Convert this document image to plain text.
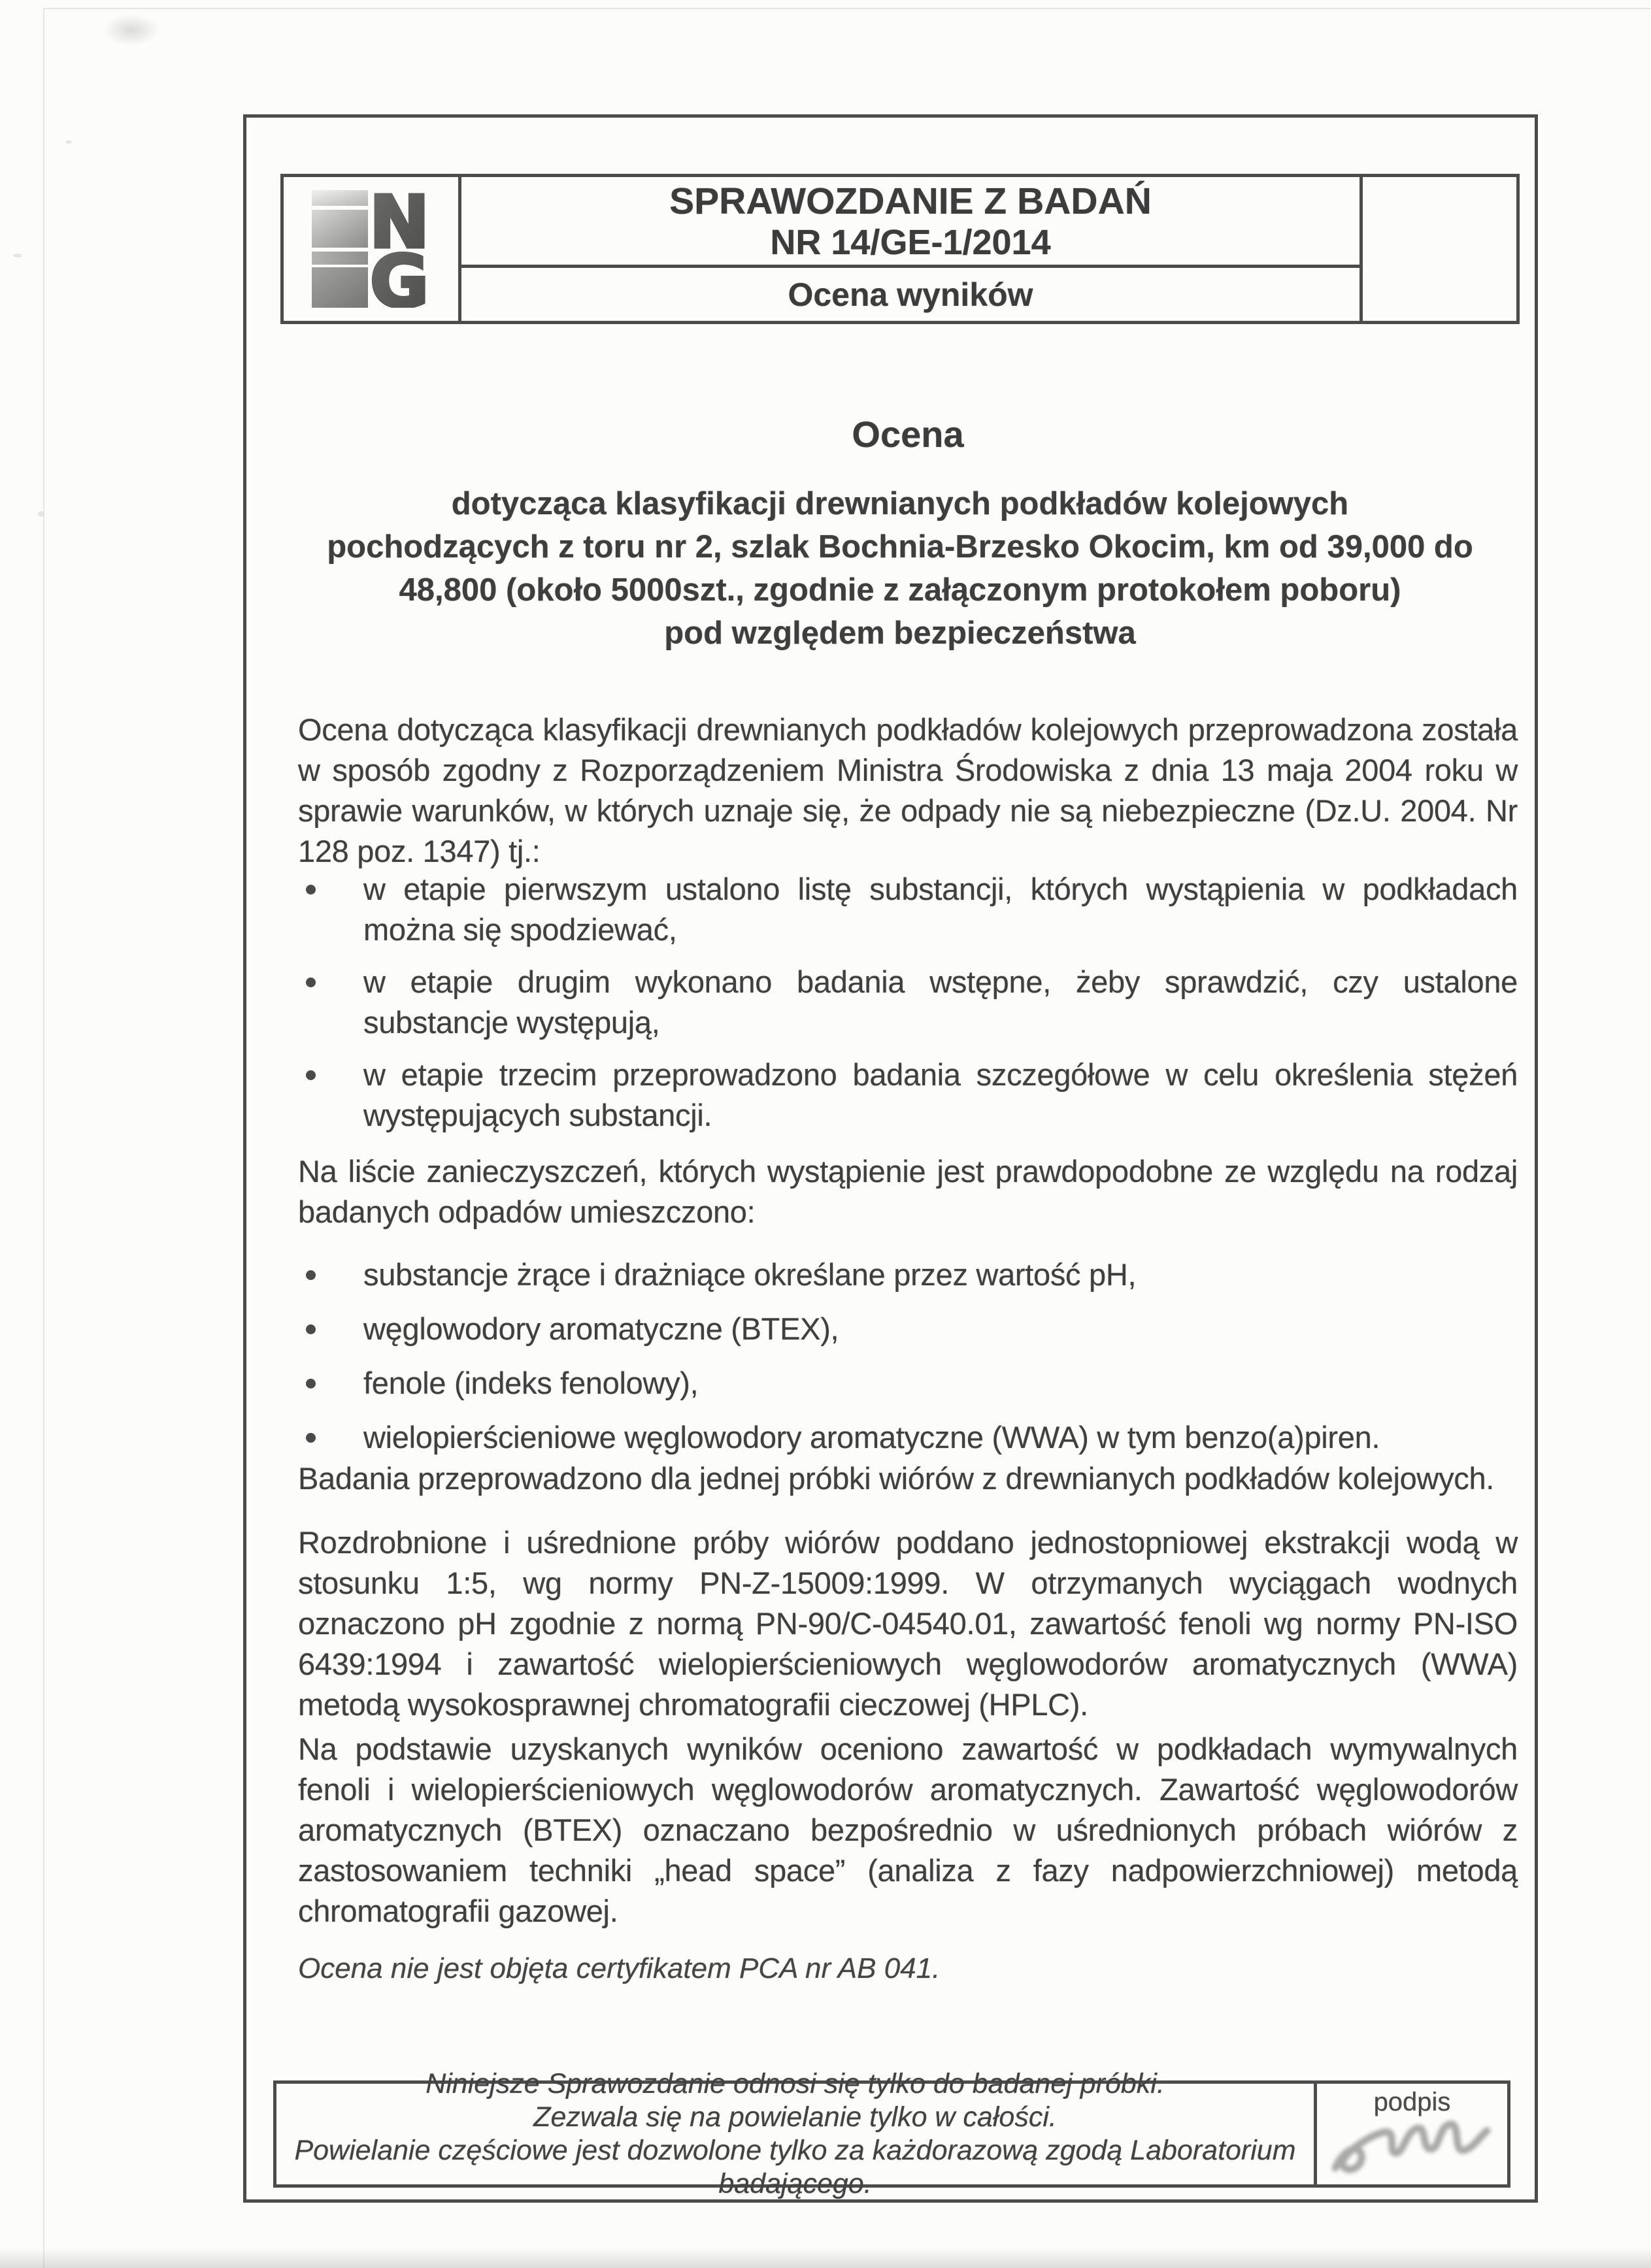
N
G
SPRAWOZDANIE Z BADAŃ
NR 14/GE-1/2014
Ocena wyników
Ocena
dotycząca klasyfikacji drewnianych podkładów kolejowych
pochodzących z toru nr 2, szlak Bochnia-Brzesko Okocim, km od 39,000 do
48,800 (około 5000szt., zgodnie z załączonym protokołem poboru)
pod względem bezpieczeństwa
Ocena dotycząca klasyfikacji drewnianych podkładów kolejowych przeprowadzona została w sposób zgodny z Rozporządzeniem Ministra Środowiska z dnia 13 maja 2004 roku w sprawie warunków, w których uznaje się, że odpady nie są niebezpieczne (Dz.U. 2004. Nr 128 poz. 1347) tj.:
w etapie pierwszym ustalono listę substancji, których wystąpienia w podkładach można się spodziewać,
w etapie drugim wykonano badania wstępne, żeby sprawdzić, czy ustalone substancje występują,
w etapie trzecim przeprowadzono badania szczegółowe w celu określenia stężeń występujących substancji.
Na liście zanieczyszczeń, których wystąpienie jest prawdopodobne ze względu na rodzaj badanych odpadów umieszczono:
substancje żrące i drażniące określane przez wartość pH,
węglowodory aromatyczne (BTEX),
fenole (indeks fenolowy),
wielopierścieniowe węglowodory aromatyczne (WWA) w tym benzo(a)piren.
Badania przeprowadzono dla jednej próbki wiórów z drewnianych podkładów kolejowych.
Rozdrobnione i uśrednione próby wiórów poddano jednostopniowej ekstrakcji wodą w stosunku 1:5, wg normy PN-Z-15009:1999. W otrzymanych wyciągach wodnych oznaczono pH zgodnie z normą PN-90/C-04540.01, zawartość fenoli wg normy PN-ISO 6439:1994 i zawartość wielopierścieniowych węglowodorów aromatycznych (WWA) metodą wysokosprawnej chromatografii cieczowej (HPLC).
Na podstawie uzyskanych wyników oceniono zawartość w podkładach wymywalnych fenoli i wielopierścieniowych węglowodorów aromatycznych. Zawartość węglowodorów aromatycznych (BTEX) oznaczano bezpośrednio w uśrednionych próbach wiórów z zastosowaniem techniki „head space” (analiza z fazy nadpowierzchniowej) metodą chromatografii gazowej.
Ocena nie jest objęta certyfikatem PCA nr AB 041.
Niniejsze Sprawozdanie odnosi się tylko do badanej próbki.
Zezwala się na powielanie tylko w całości.
Powielanie częściowe jest dozwolone tylko za każdorazową zgodą Laboratorium badającego.
podpis
